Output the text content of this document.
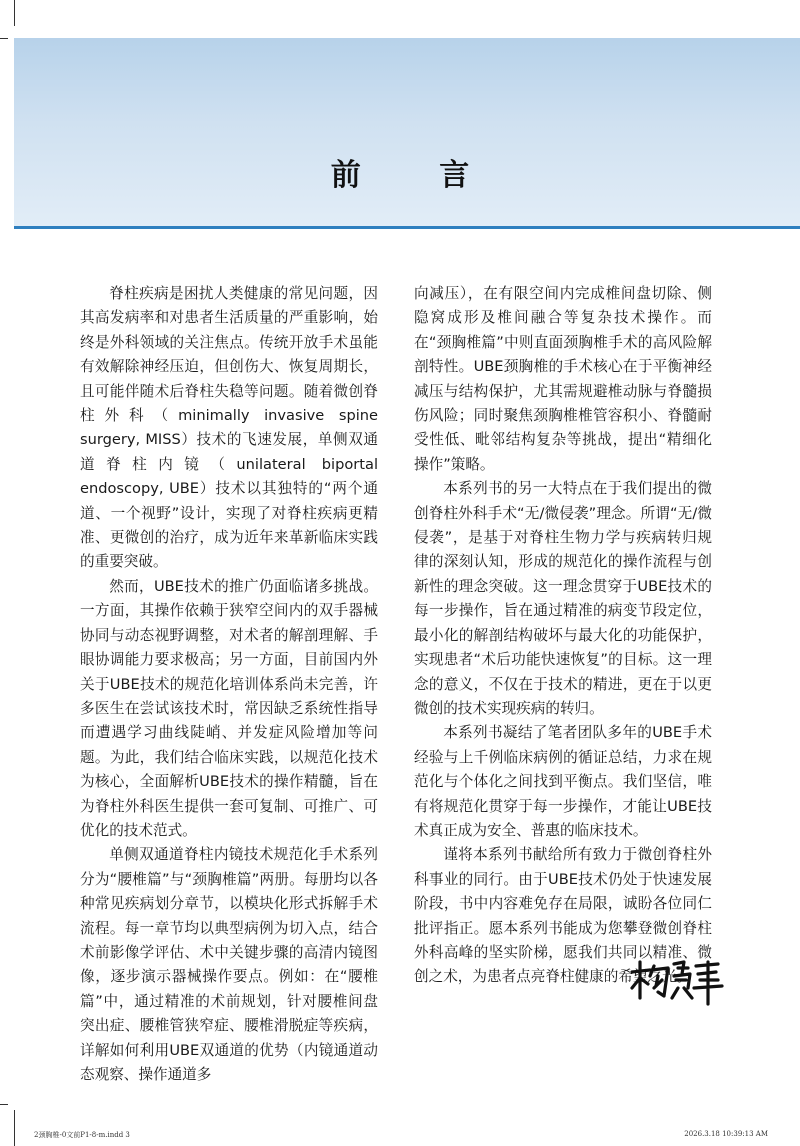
前 言

脊柱疾病是困扰人类健康的常见问题，因其高发病率和对患者生活质量的严重影响，始终是外科领域的关注焦点。传统开放手术虽能有效解除神经压迫，但创伤大、恢复周期长，且可能伴随术后脊柱失稳等问题。随着微创脊柱外科（minimally invasive spine surgery, MISS）技术的飞速发展，单侧双通道脊柱内镜（unilateral biportal endoscopy, UBE）技术以其独特的“两个通道、一个视野”设计，实现了对脊柱疾病更精准、更微创的治疗，成为近年来革新临床实践的重要突破。

然而，UBE技术的推广仍面临诸多挑战。一方面，其操作依赖于狭窄空间内的双手器械协同与动态视野调整，对术者的解剖理解、手眼协调能力要求极高；另一方面，目前国内外关于UBE技术的规范化培训体系尚未完善，许多医生在尝试该技术时，常因缺乏系统性指导而遭遇学习曲线陡峭、并发症风险增加等问题。为此，我们结合临床实践，以规范化技术为核心，全面解析UBE技术的操作精髓，旨在为脊柱外科医生提供一套可复制、可推广、可优化的技术范式。

单侧双通道脊柱内镜技术规范化手术系列分为“腰椎篇”与“颈胸椎篇”两册。每册均以各种常见疾病划分章节，以模块化形式拆解手术流程。每一章节均以典型病例为切入点，结合术前影像学评估、术中关键步骤的高清内镜图像，逐步演示器械操作要点。例如：在“腰椎篇”中，通过精准的术前规划，针对腰椎间盘突出症、腰椎管狭窄症、腰椎滑脱症等疾病，详解如何利用UBE双通道的优势（内镜通道动态观察、操作通道多

向减压），在有限空间内完成椎间盘切除、侧隐窝成形及椎间融合等复杂技术操作。而在“颈胸椎篇”中则直面颈胸椎手术的高风险解剖特性。UBE颈胸椎的手术核心在于平衡神经减压与结构保护，尤其需规避椎动脉与脊髓损伤风险；同时聚焦颈胸椎椎管容积小、脊髓耐受性低、毗邻结构复杂等挑战，提出“精细化操作”策略。

本系列书的另一大特点在于我们提出的微创脊柱外科手术“无/微侵袭”理念。所谓“无/微侵袭”，是基于对脊柱生物力学与疾病转归规律的深刻认知，形成的规范化的操作流程与创新性的理念突破。这一理念贯穿于UBE技术的每一步操作，旨在通过精准的病变节段定位，最小化的解剖结构破坏与最大化的功能保护，实现患者“术后功能快速恢复”的目标。这一理念的意义，不仅在于技术的精进，更在于以更微创的技术实现疾病的转归。

本系列书凝结了笔者团队多年的UBE手术经验与上千例临床病例的循证总结，力求在规范化与个体化之间找到平衡点。我们坚信，唯有将规范化贯穿于每一步操作，才能让UBE技术真正成为安全、普惠的临床技术。

谨将本系列书献给所有致力于微创脊柱外科事业的同行。由于UBE技术仍处于快速发展阶段，书中内容难免存在局限，诚盼各位同仁批评指正。愿本系列书能成为您攀登微创脊柱外科高峰的坚实阶梯，愿我们共同以精准、微创之术，为患者点亮脊柱健康的希望之光。

2颈胸椎-0文前P1-8-m.indd 3	2026.3.18 10:39:13 AM
